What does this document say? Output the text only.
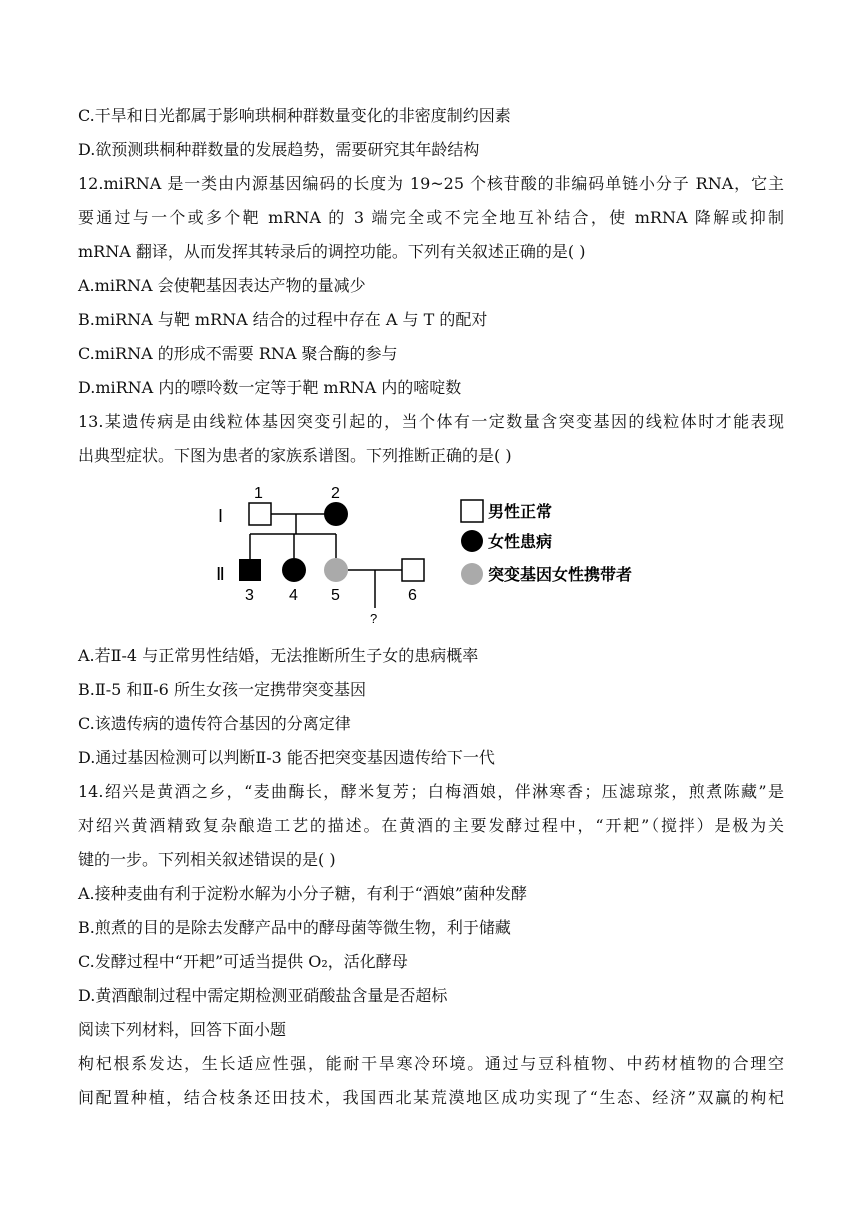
C.干旱和日光都属于影响珙桐种群数量变化的非密度制约因素
D.欲预测珙桐种群数量的发展趋势，需要研究其年龄结构
12.miRNA 是一类由内源基因编码的长度为 19~25 个核苷酸的非编码单链小分子 RNA，它主
要通过与一个或多个靶 mRNA 的 3 端完全或不完全地互补结合，使 mRNA 降解或抑制
mRNA 翻译，从而发挥其转录后的调控功能。下列有关叙述正确的是( )
A.miRNA 会使靶基因表达产物的量减少
B.miRNA 与靶 mRNA 结合的过程中存在 A 与 T 的配对
C.miRNA 的形成不需要 RNA 聚合酶的参与
D.miRNA 内的嘌呤数一定等于靶 mRNA 内的嘧啶数
13.某遗传病是由线粒体基因突变引起的，当个体有一定数量含突变基因的线粒体时才能表现
出典型症状。下图为患者的家族系谱图。下列推断正确的是( )
I
Ⅱ
1	2
3 4 5	6
?
男性正常
女性患病
突变基因女性携带者
A.若Ⅱ-4 与正常男性结婚，无法推断所生子女的患病概率
B.Ⅱ-5 和Ⅱ-6 所生女孩一定携带突变基因
C.该遗传病的遗传符合基因的分离定律
D.通过基因检测可以判断Ⅱ-3 能否把突变基因遗传给下一代
14.绍兴是黄酒之乡，“麦曲酶长，酵米复芳；白梅酒娘，伴淋寒香；压滤琼浆，煎煮陈藏”是
对绍兴黄酒精致复杂酿造工艺的描述。在黄酒的主要发酵过程中，“开耙”（搅拌）是极为关
键的一步。下列相关叙述错误的是( )
A.接种麦曲有利于淀粉水解为小分子糖，有利于“酒娘”菌种发酵
B.煎煮的目的是除去发酵产品中的酵母菌等微生物，利于储藏
C.发酵过程中“开耙”可适当提供 O₂，活化酵母
D.黄酒酿制过程中需定期检测亚硝酸盐含量是否超标
阅读下列材料，回答下面小题
枸杞根系发达，生长适应性强，能耐干旱寒冷环境。通过与豆科植物、中药材植物的合理空
间配置种植，结合枝条还田技术，我国西北某荒漠地区成功实现了“生态、经济”双赢的枸杞
